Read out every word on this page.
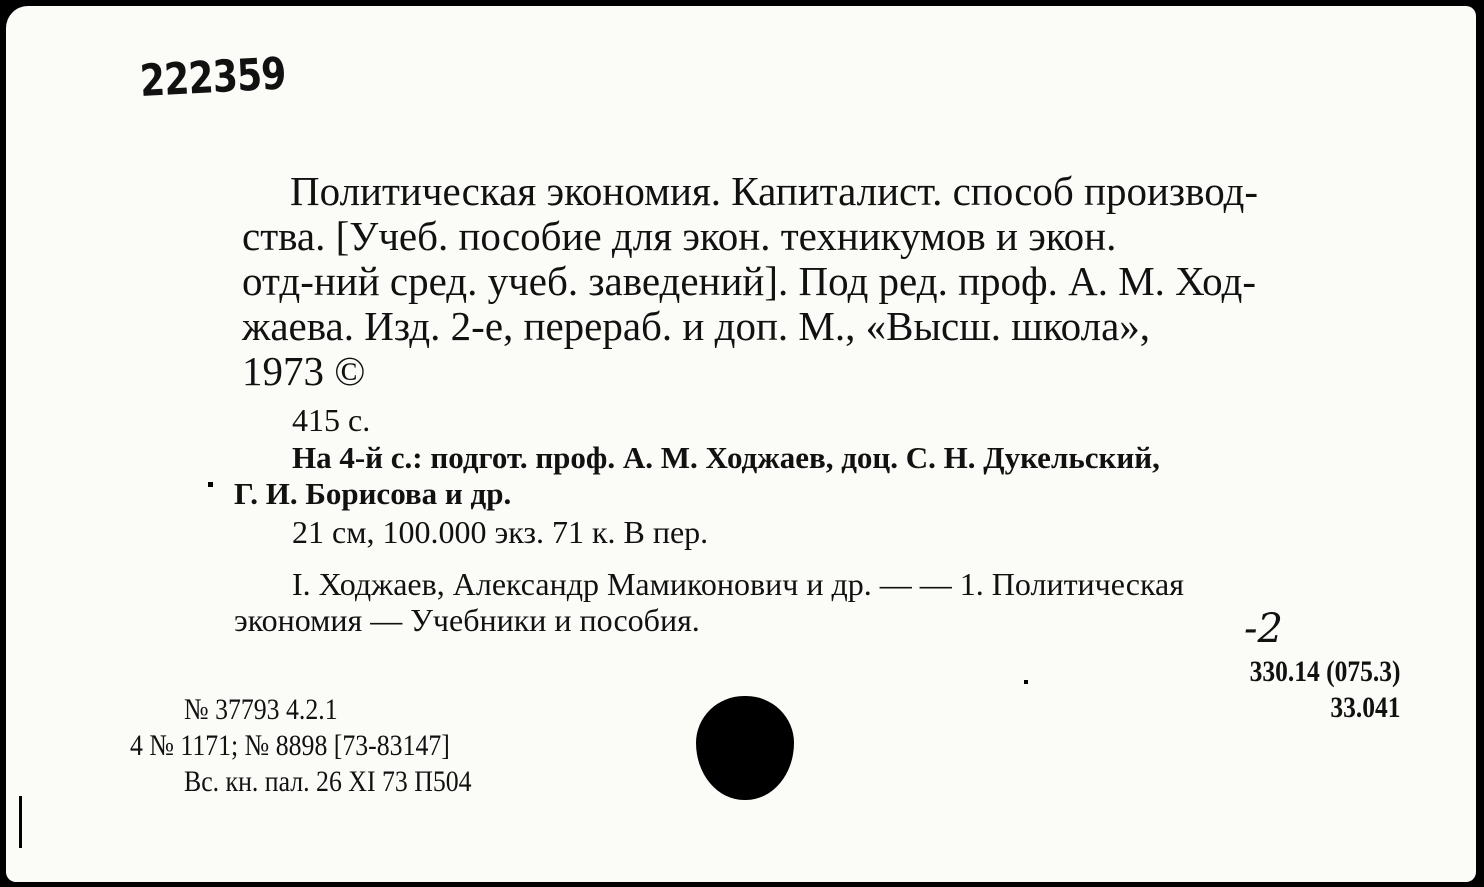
222359
Политическая экономия. Капиталист. способ производ-
ства. [Учеб. пособие для экон. техникумов и экон.
отд-ний сред. учеб. заведений]. Под ред. проф. А. М. Ход-
жаева. Изд. 2-е, перераб. и доп. М., «Высш. школа»,
1973 ©
415 с.
На 4-й с.: подгот. проф. А. М. Ходжаев, доц. С. Н. Дукельский,
Г. И. Борисова и др.
21 см, 100.000 экз. 71 к. В пер.
I. Ходжаев, Александр Мамиконович и др. — — 1. Политическая
экономия — Учебники и пособия.	-2
330.14 (075.3)
33.041
№ 37793 4.2.1
4 № 1171; № 8898 [73-83147]
Вс. кн. пал. 26 XI 73 П504
